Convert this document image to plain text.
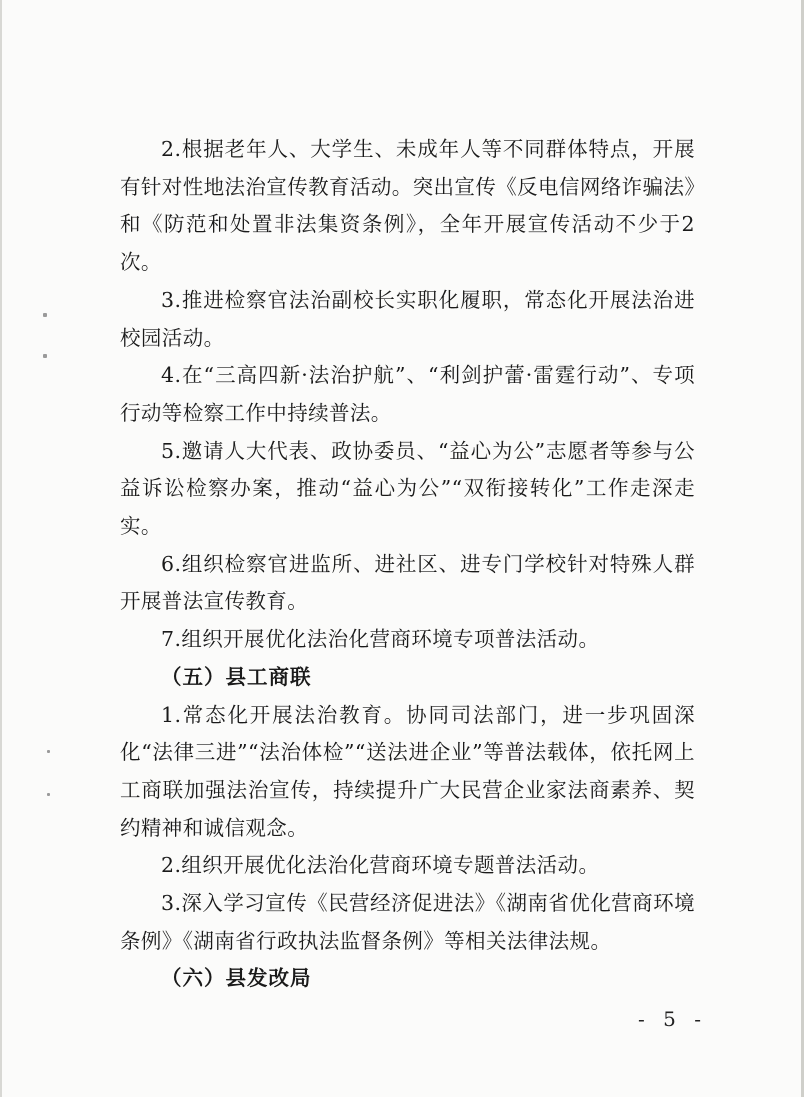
2.根据老年人、大学生、未成年人等不同群体特点，开展有针对性地法治宣传教育活动。突出宣传《反电信网络诈骗法》和《防范和处置非法集资条例》，全年开展宣传活动不少于2次。

3.推进检察官法治副校长实职化履职，常态化开展法治进校园活动。

4.在“三高四新·法治护航”、“利剑护蕾·雷霆行动”、专项行动等检察工作中持续普法。

5.邀请人大代表、政协委员、“益心为公”志愿者等参与公益诉讼检察办案，推动“益心为公”“双衔接转化”工作走深走实。

6.组织检察官进监所、进社区、进专门学校针对特殊人群开展普法宣传教育。

7.组织开展优化法治化营商环境专项普法活动。

（五）县工商联

1.常态化开展法治教育。协同司法部门，进一步巩固深化“法律三进”“法治体检”“送法进企业”等普法载体，依托网上工商联加强法治宣传，持续提升广大民营企业家法商素养、契约精神和诚信观念。

2.组织开展优化法治化营商环境专题普法活动。

3.深入学习宣传《民营经济促进法》《湖南省优化营商环境条例》《湖南省行政执法监督条例》等相关法律法规。

（六）县发改局

- 5 -
